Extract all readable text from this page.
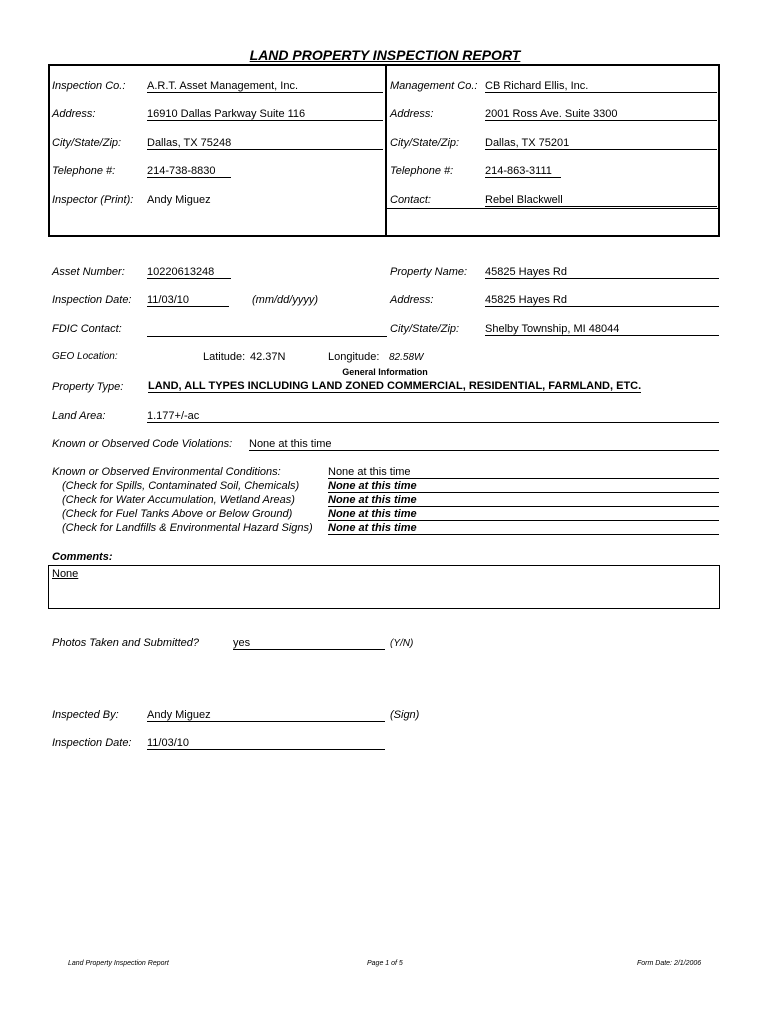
LAND PROPERTY INSPECTION REPORT
Inspection Co.: A.R.T. Asset Management, Inc.
Address:	16910 Dallas Parkway Suite 116
City/State/Zip: Dallas, TX 75248
Telephone #:	214-738-8830
Inspector (Print): Andy Miguez
Management Co.: CB Richard Ellis, Inc.
Address:	2001 Ross Ave. Suite 3300
City/State/Zip: Dallas, TX 75201
Telephone #:	214-863-3111
Contact:	Rebel Blackwell
Asset Number: 10220613248
Inspection Date: 11/03/10	(mm/dd/yyyy)
FDIC Contact:
Property Name: 45825 Hayes Rd
Address:	45825 Hayes Rd
City/State/Zip: Shelby Township, MI 48044
GEO Location:	Latitude: 42.37N	Longitude: 82.58W
General Information
Property Type: LAND, ALL TYPES INCLUDING LAND ZONED COMMERCIAL, RESIDENTIAL, FARMLAND, ETC.
Land Area:	1.177+/-ac
Known or Observed Code Violations: None at this time
Known or Observed Environmental Conditions:	None at this time
(Check for Spills, Contaminated Soil, Chemicals)	None at this time
(Check for Water Accumulation, Wetland Areas)	None at this time
(Check for Fuel Tanks Above or Below Ground)	None at this time
(Check for Landfills & Environmental Hazard Signs) None at this time
Comments:
None
Photos Taken and Submitted?	yes	(Y/N)
Inspected By:	Andy Miguez	(Sign)
Inspection Date: 11/03/10
Land Property Inspection Report	Page 1 of 5	Form Date: 2/1/2006
